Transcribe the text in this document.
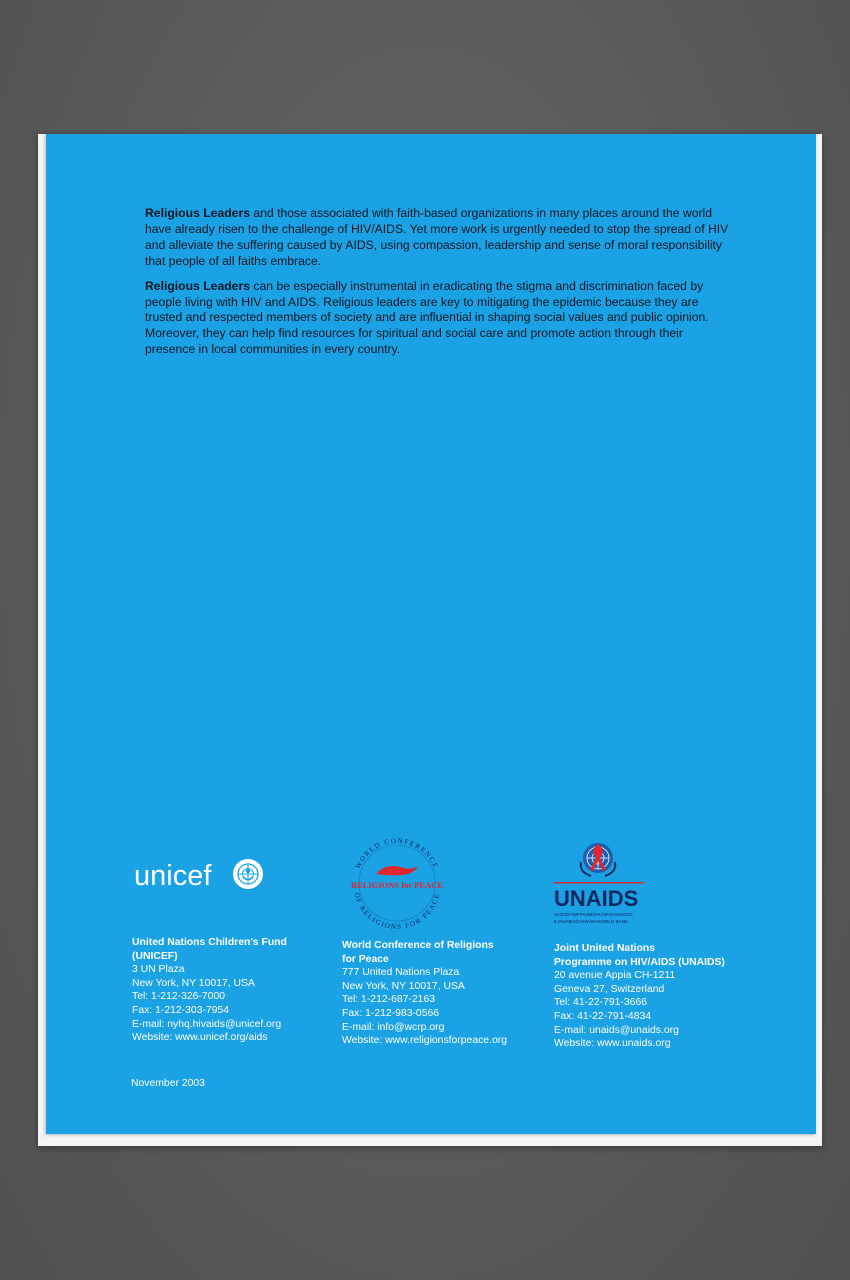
Religious Leaders and those associated with faith-based organizations in many places around the world have already risen to the challenge of HIV/AIDS. Yet more work is urgently needed to stop the spread of HIV and alleviate the suffering caused by AIDS, using compassion, leadership and sense of moral responsibility that people of all faiths embrace.

Religious Leaders can be especially instrumental in eradicating the stigma and discrimination faced by people living with HIV and AIDS. Religious leaders are key to mitigating the epidemic because they are trusted and respected members of society and are influential in shaping social values and public opinion. Moreover, they can help find resources for spiritual and social care and promote action through their presence in local communities in every country.

unicef	WORLD CONFERENCE
OF RELIGIONS FOR PEACE
RELIGIONS for PEACE
UNAIDS
UNICEF•WFP•UNDP•UNFPA•UNODC
ILO•UNESCO•WHO•WORLD BANK
United Nations Children's Fund
(UNICEF)
3 UN Plaza
New York, NY 10017, USA
Tel: 1-212-326-7000
Fax: 1-212-303-7954
E-mail: nyhq.hivaids@unicef.org
Website: www.unicef.org/aids
World Conference of Religions
for Peace
777 United Nations Plaza
New York, NY 10017, USA
Tel: 1-212-687-2163
Fax: 1-212-983-0566
E-mail: info@wcrp.org
Website: www.religionsforpeace.org
Joint United Nations
Programme on HIV/AIDS (UNAIDS)
20 avenue Appia CH-1211
Geneva 27, Switzerland
Tel: 41-22-791-3666
Fax: 41-22-791-4834
E-mail: unaids@unaids.org
Website: www.unaids.org
November 2003
